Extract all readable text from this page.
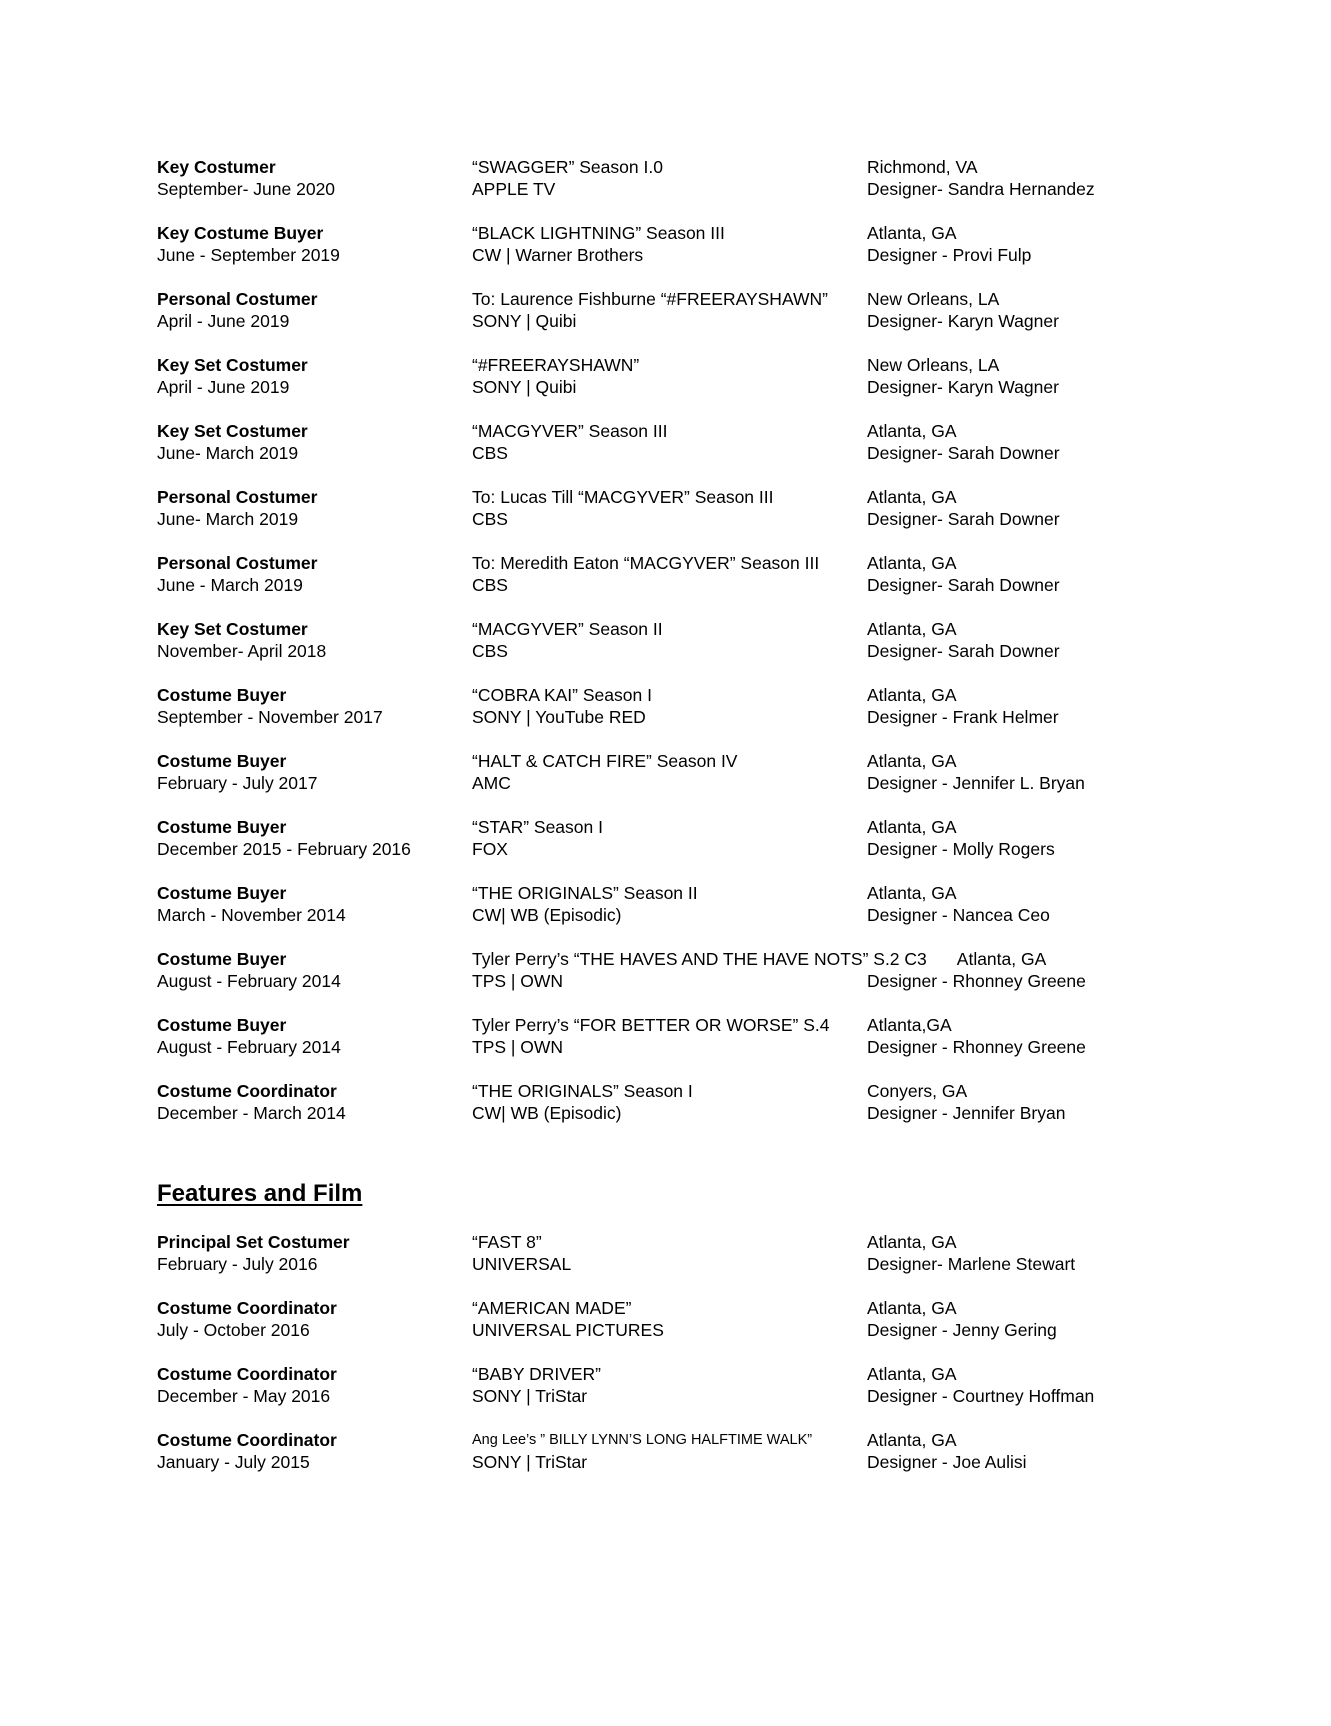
Key Costumer
September- June 2020
“SWAGGER” Season I.0
APPLE TV
Richmond, VA
Designer- Sandra Hernandez
Key Costume Buyer
June - September 2019
“BLACK LIGHTNING” Season III
CW | Warner Brothers
Atlanta, GA
Designer - Provi Fulp
Personal Costumer
April - June 2019
To: Laurence Fishburne “#FREERAYSHAWN”
SONY | Quibi
New Orleans, LA
Designer- Karyn Wagner
Key Set Costumer
April - June 2019
“#FREERAYSHAWN”
SONY | Quibi
New Orleans, LA
Designer- Karyn Wagner
Key Set Costumer
June- March 2019
“MACGYVER” Season III
CBS
Atlanta, GA
Designer- Sarah Downer
Personal Costumer
June- March 2019
To: Lucas Till “MACGYVER” Season III
CBS
Atlanta, GA
Designer- Sarah Downer
Personal Costumer
June - March 2019
To: Meredith Eaton “MACGYVER” Season III
CBS
Atlanta, GA
Designer- Sarah Downer
Key Set Costumer
November- April 2018
“MACGYVER” Season II
CBS
Atlanta, GA
Designer- Sarah Downer
Costume Buyer
September - November 2017
“COBRA KAI” Season I
SONY | YouTube RED
Atlanta, GA
Designer - Frank Helmer
Costume Buyer
February - July 2017
“HALT & CATCH FIRE” Season IV
AMC
Atlanta, GA
Designer - Jennifer L. Bryan
Costume Buyer
December 2015 - February 2016
“STAR” Season I
FOX
Atlanta, GA
Designer - Molly Rogers
Costume Buyer
March - November 2014
“THE ORIGINALS” Season II
CW| WB (Episodic)
Atlanta, GA
Designer - Nancea Ceo
Costume Buyer
August - February 2014
Tyler Perry’s “THE HAVES AND THE HAVE NOTS” S.2 C3 Atlanta, GA
TPS | OWN
	Designer - Rhonney Greene
Costume Buyer
August - February 2014
Tyler Perry’s “FOR BETTER OR WORSE” S.4
TPS | OWN
Atlanta,GA
Designer - Rhonney Greene
Costume Coordinator
December - March 2014
“THE ORIGINALS” Season I
CW| WB (Episodic)
Conyers, GA
Designer - Jennifer Bryan
Features and Film
Principal Set Costumer
February - July 2016
“FAST 8”
UNIVERSAL
Atlanta, GA
Designer- Marlene Stewart
Costume Coordinator
July - October 2016
“AMERICAN MADE”
UNIVERSAL PICTURES
Atlanta, GA
Designer - Jenny Gering
Costume Coordinator
December - May 2016
“BABY DRIVER”
SONY | TriStar
Atlanta, GA
Designer - Courtney Hoffman
Costume Coordinator
January - July 2015
Ang Lee’s ” BILLY LYNN’S LONG HALFTIME WALK”
SONY | TriStar
Atlanta, GA
Designer - Joe Aulisi
